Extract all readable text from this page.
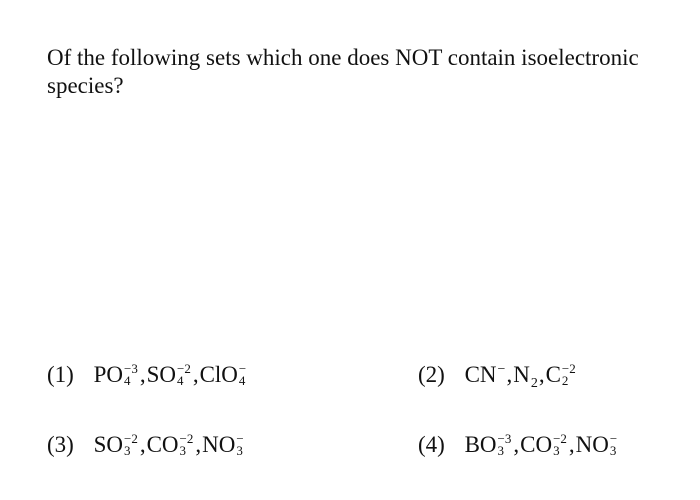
Of the following sets which one does NOT contain isoelectronic species?

(1) PO −3
4 ,SO −2
4 ,ClO −
4	(2) $CN^-,N_2,C -2$
2
(3) SO −2
3 ,CO −2
3 ,NO −
3	(4) BO −3
3 ,CO −2
3 ,NO −
3
